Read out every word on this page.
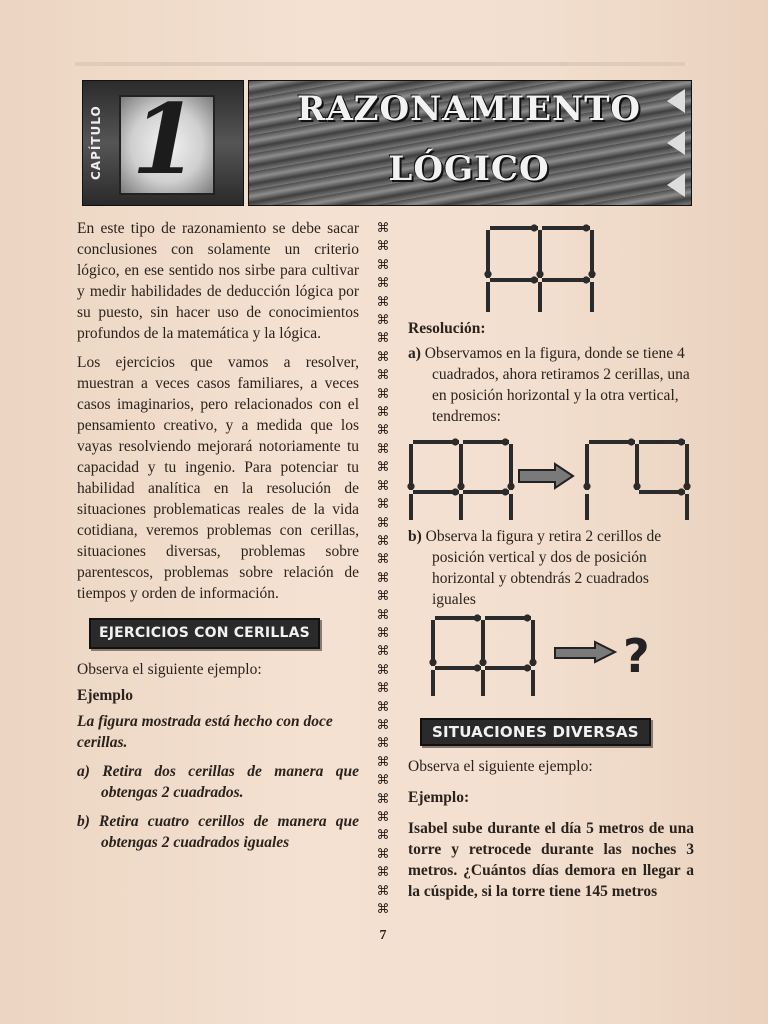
CAPÍTULO 1	RAZONAMIENTO
LÓGICO

En este tipo de razonamiento se debe sacar conclusiones con solamente un criterio lógico, en ese sentido nos sirbe para cultivar y medir habilidades de deducción lógica por su puesto, sin hacer uso de conocimientos profundos de la matemática y la lógica.

Los ejercicios que vamos a resolver, muestran a veces casos familiares, a veces casos imaginarios, pero relacionados con el pensamiento creativo, y a medida que los vayas resolviendo mejorará notoriamente tu capacidad y tu ingenio. Para potenciar tu habilidad analítica en la resolución de situaciones problematicas reales de la vida cotidiana, veremos problemas con cerillas, situaciones diversas, problemas sobre parentescos, problemas sobre relación de tiempos y orden de información.

EJERCICIOS CON CERILLAS

Observa el siguiente ejemplo:

Ejemplo

La figura mostrada está hecho con doce cerillas.

a) Retira dos cerillas de manera que obtengas 2 cuadrados.

b) Retira cuatro cerillos de manera que obtengas 2 cuadrados iguales

⌘
⌘
⌘
⌘
⌘
⌘
⌘
⌘
⌘
⌘
⌘
⌘
⌘
⌘
⌘
⌘
⌘
⌘
⌘
⌘
⌘
⌘
⌘
⌘
⌘
⌘
⌘
⌘
⌘
⌘
⌘
⌘
⌘
⌘
⌘
⌘
⌘
⌘

Resolución:

a) Observamos en la figura, donde se tiene 4 cuadrados, ahora retiramos 2 cerillas, una en posición horizontal y la otra vertical, tendremos:

b) Observa la figura y retira 2 cerillos de posición vertical y dos de posición horizontal y obtendrás 2 cuadrados iguales

?
SITUACIONES DIVERSAS

Observa el siguiente ejemplo:

Ejemplo:

Isabel sube durante el día 5 metros de una torre y retrocede durante las noches 3 metros. ¿Cuántos días demora en llegar a la cúspide, si la torre tiene 145 metros

7
